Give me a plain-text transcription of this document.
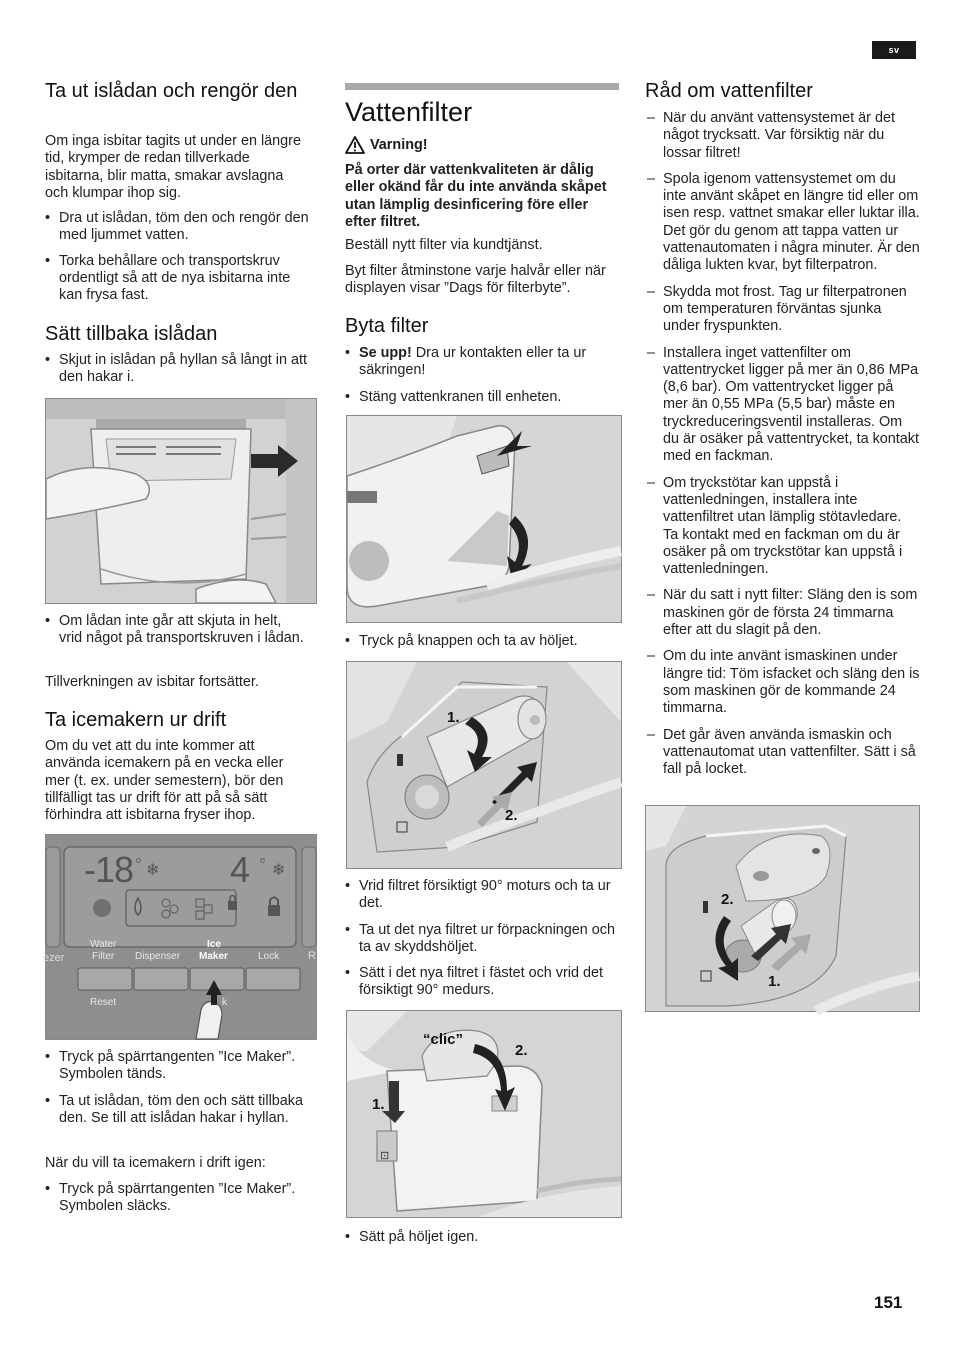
sv
Ta ut islådan och rengör den

Om inga isbitar tagits ut under en längre tid, krymper de redan tillverkade isbitarna, blir matta, smakar avslagna och klumpar ihop sig.

• Dra ut islådan, töm den och rengör den med ljummet vatten.
• Torka behållare och transportskruv ordentligt så att de nya isbitarna inte kan frysa fast.
Sätt tillbaka islådan
• Skjut in islådan på hyllan så långt in att den hakar i.
• Om lådan inte går att skjuta in helt, vrid något på transportskruven i lådan.

Tillverkningen av isbitar fortsätter.

Ta icemakern ur drift

Om du vet att du inte kommer att använda icemakern på en vecka eller mer (t. ex. under semestern), bör den tillfälligt tas ur drift för att på så sätt förhindra att isbitarna fryser ihop.

-18	4
o	o
❄	❄
ezer
Water
Filter Dispenser
Ice
Maker	Lock	R
Reset	k
• Tryck på spärrtangenten ”Ice Maker”. Symbolen tänds.
• Ta ut islådan, töm den och sätt tillbaka den. Se till att islådan hakar i hyllan.

När du vill ta icemakern i drift igen:

• Tryck på spärrtangenten ”Ice Maker”. Symbolen släcks.
Vattenfilter
Varning!

På orter där vattenkvaliteten är dålig eller okänd får du inte använda skåpet utan lämplig desinficering före eller efter filtret.

Beställ nytt filter via kundtjänst.

Byt filter åtminstone varje halvår eller när displayen visar ”Dags för filterbyte”.

Byta filter
• Se upp! Dra ur kontakten eller ta ur säkringen!
• Stäng vattenkranen till enheten.
• Tryck på knappen och ta av höljet.
1.
2.
• Vrid filtret försiktigt 90° moturs och ta ur det.
• Ta ut det nya filtret ur förpackningen och ta av skyddshöljet.
• Sätt i det nya filtret i fästet och vrid det försiktigt 90° medurs.
⊡
“clic”
1.
2.
• Sätt på höljet igen.
Råd om vattenfilter
– När du använt vattensystemet är det något trycksatt. Var försiktig när du lossar filtret!
– Spola igenom vattensystemet om du inte använt skåpet en längre tid eller om isen resp. vattnet smakar eller luktar illa. Det gör du genom att tappa vatten ur vattenautomaten i några minuter. Är den dåliga lukten kvar, byt filterpatron.
– Skydda mot frost. Tag ur filterpatronen om temperaturen förväntas sjunka under fryspunkten.
– Installera inget vattenfilter om vattentrycket ligger på mer än 0,86 MPa (8,6 bar). Om vattentrycket ligger på mer än 0,55 MPa (5,5 bar) måste en tryckreduceringsventil installeras. Om du är osäker på vattentrycket, ta kontakt med en fackman.
– Om tryckstötar kan uppstå i vattenledningen, installera inte vattenfiltret utan lämplig stötavledare. Ta kontakt med en fackman om du är osäker på om tryckstötar kan uppstå i vattenledningen.
– När du satt i nytt filter: Släng den is som maskinen gör de första 24 timmarna efter att du slagit på den.
– Om du inte använt ismaskinen under längre tid: Töm isfacket och släng den is som maskinen gör de kommande 24 timmarna.
– Det går även använda ismaskin och vattenautomat utan vattenfilter. Sätt i så fall på locket.
2.
1.
151
